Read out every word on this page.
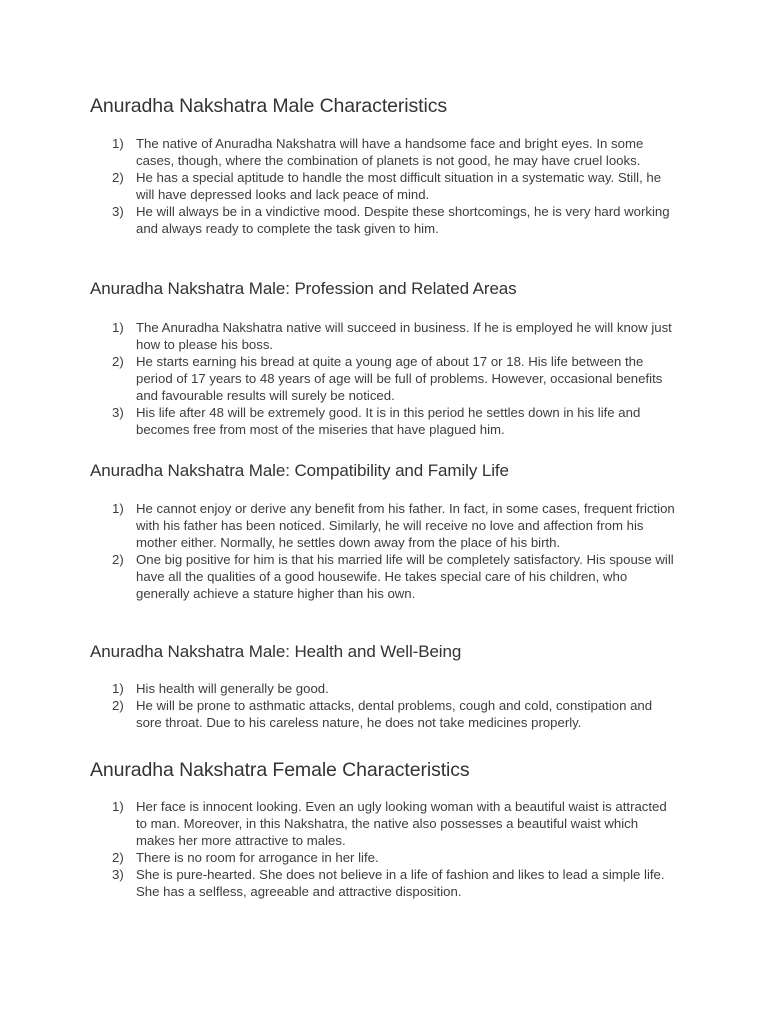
Anuradha Nakshatra Male Characteristics
1) The native of Anuradha Nakshatra will have a handsome face and bright eyes. In some cases, though, where the combination of planets is not good, he may have cruel looks.
2) He has a special aptitude to handle the most difficult situation in a systematic way. Still, he will have depressed looks and lack peace of mind.
3) He will always be in a vindictive mood. Despite these shortcomings, he is very hard working and always ready to complete the task given to him.
Anuradha Nakshatra Male: Profession and Related Areas
1) The Anuradha Nakshatra native will succeed in business. If he is employed he will know just how to please his boss.
2) He starts earning his bread at quite a young age of about 17 or 18. His life between the period of 17 years to 48 years of age will be full of problems. However, occasional benefits and favourable results will surely be noticed.
3) His life after 48 will be extremely good. It is in this period he settles down in his life and becomes free from most of the miseries that have plagued him.
Anuradha Nakshatra Male: Compatibility and Family Life
1) He cannot enjoy or derive any benefit from his father. In fact, in some cases, frequent friction with his father has been noticed. Similarly, he will receive no love and affection from his mother either. Normally, he settles down away from the place of his birth.
2) One big positive for him is that his married life will be completely satisfactory. His spouse will have all the qualities of a good housewife. He takes special care of his children, who generally achieve a stature higher than his own.
Anuradha Nakshatra Male: Health and Well-Being
1) His health will generally be good.
2) He will be prone to asthmatic attacks, dental problems, cough and cold, constipation and sore throat. Due to his careless nature, he does not take medicines properly.
Anuradha Nakshatra Female Characteristics
1) Her face is innocent looking. Even an ugly looking woman with a beautiful waist is attracted to man. Moreover, in this Nakshatra, the native also possesses a beautiful waist which makes her more attractive to males.
2) There is no room for arrogance in her life.
3) She is pure-hearted. She does not believe in a life of fashion and likes to lead a simple life. She has a selfless, agreeable and attractive disposition.
